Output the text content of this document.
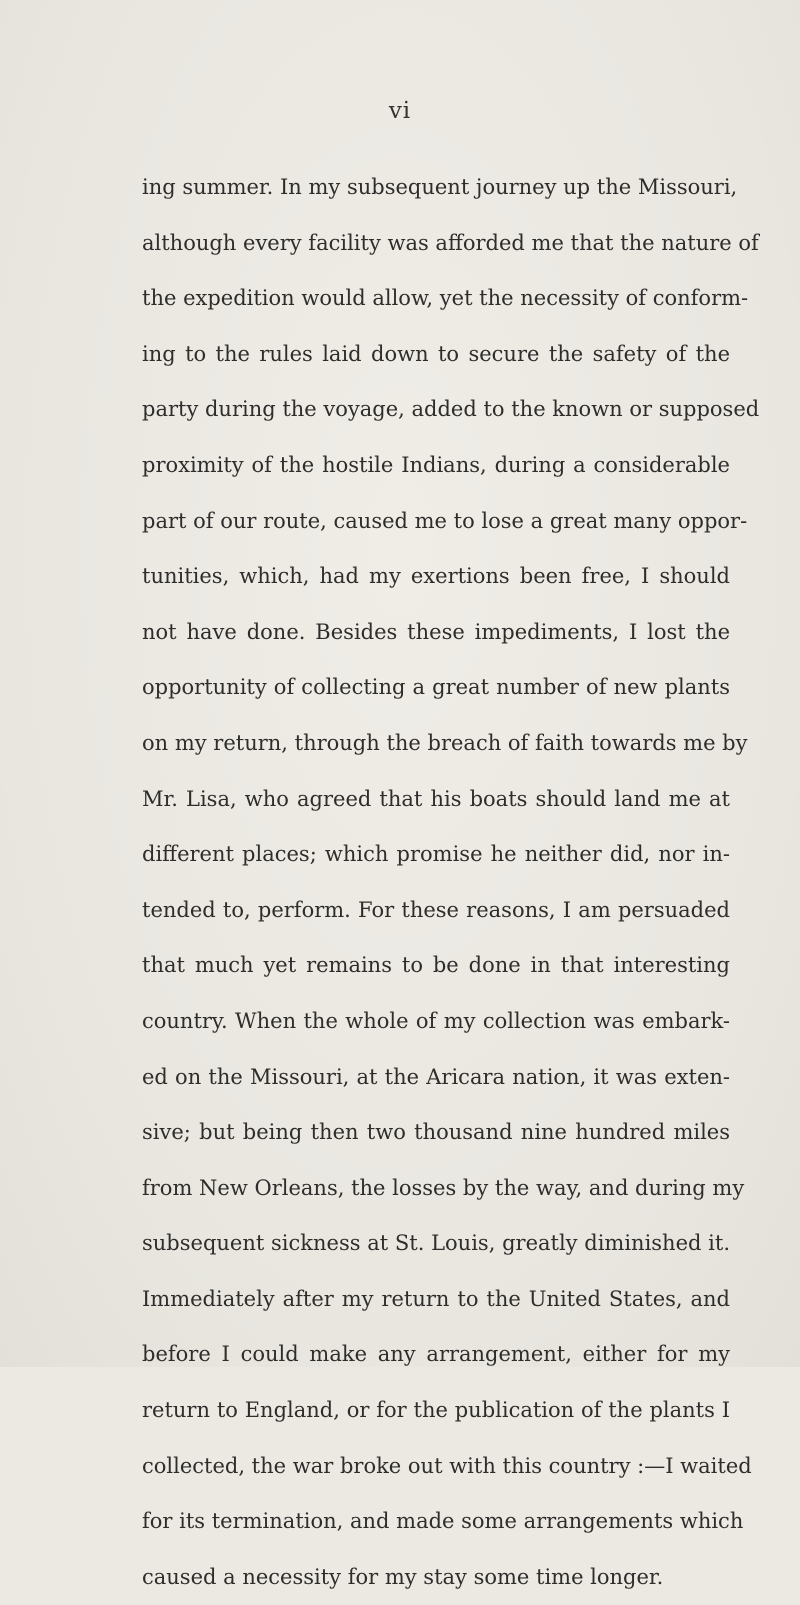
vi
ing summer. In my subsequent journey up the Missouri,
although every facility was afforded me that the nature of
the expedition would allow, yet the necessity of conform-
ing to the rules laid down to secure the safety of the
party during the voyage, added to the known or supposed
proximity of the hostile Indians, during a considerable
part of our route, caused me to lose a great many oppor-
tunities, which, had my exertions been free, I should
not have done. Besides these impediments, I lost the
opportunity of collecting a great number of new plants
on my return, through the breach of faith towards me by
Mr. Lisa, who agreed that his boats should land me at
different places; which promise he neither did, nor in-
tended to, perform. For these reasons, I am persuaded
that much yet remains to be done in that interesting
country. When the whole of my collection was embark-
ed on the Missouri, at the Aricara nation, it was exten-
sive; but being then two thousand nine hundred miles
from New Orleans, the losses by the way, and during my
subsequent sickness at St. Louis, greatly diminished it.
Immediately after my return to the United States, and
before I could make any arrangement, either for my
return to England, or for the publication of the plants I
collected, the war broke out with this country :—I waited
for its termination, and made some arrangements which
caused a necessity for my stay some time longer.
